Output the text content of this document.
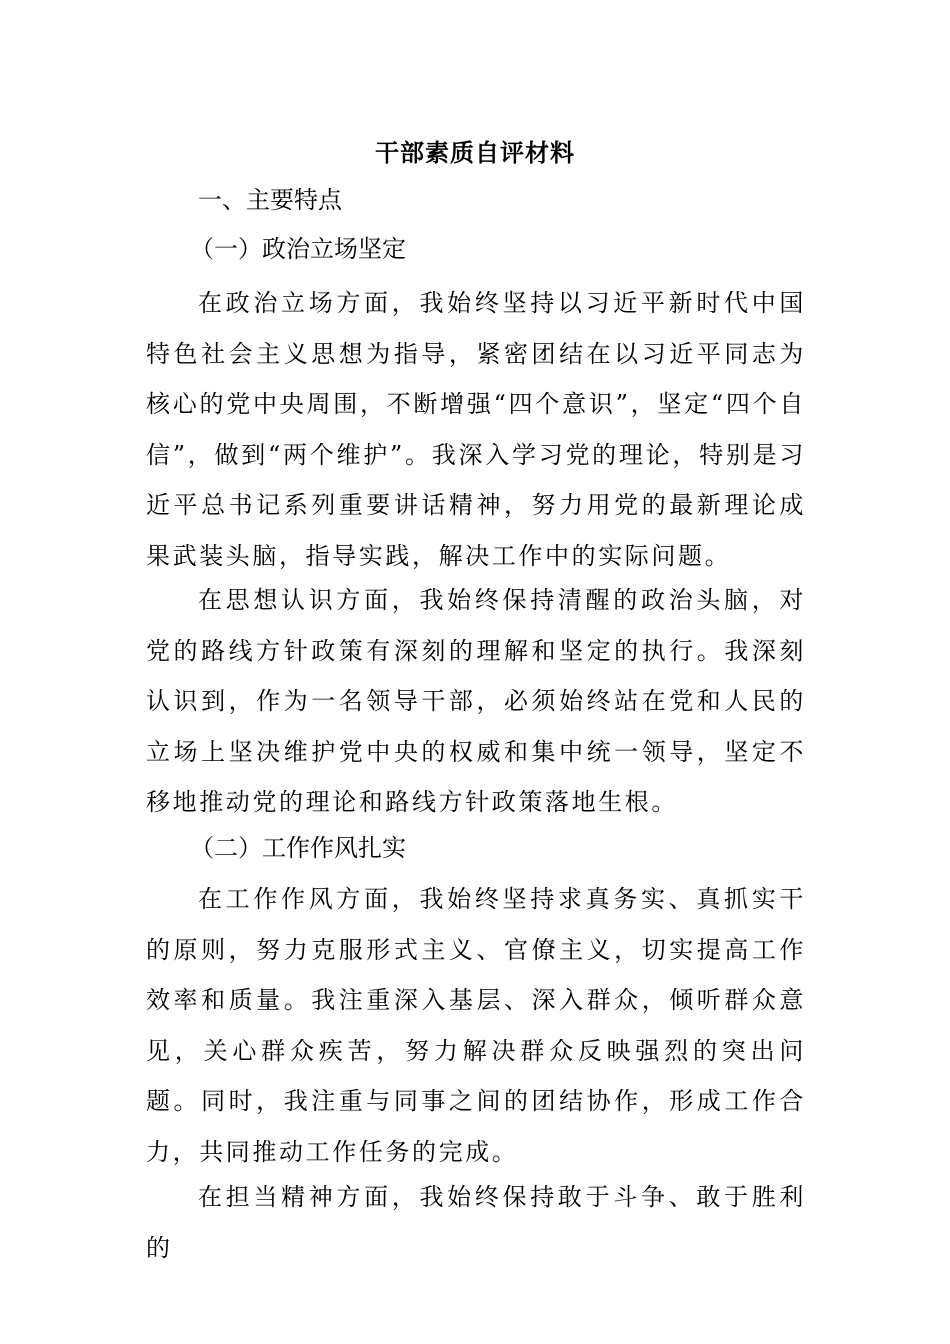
干部素质自评材料

一、主要特点

（一）政治立场坚定

在政治立场方面，我始终坚持以习近平新时代中国特色社会主义思想为指导，紧密团结在以习近平同志为核心的党中央周围，不断增强“四个意识”，坚定“四个自信”，做到“两个维护”。我深入学习党的理论，特别是习近平总书记系列重要讲话精神，努力用党的最新理论成果武装头脑，指导实践，解决工作中的实际问题。

在思想认识方面，我始终保持清醒的政治头脑，对党的路线方针政策有深刻的理解和坚定的执行。我深刻认识到，作为一名领导干部，必须始终站在党和人民的立场上坚决维护党中央的权威和集中统一领导，坚定不移地推动党的理论和路线方针政策落地生根。

（二）工作作风扎实

在工作作风方面，我始终坚持求真务实、真抓实干的原则，努力克服形式主义、官僚主义，切实提高工作效率和质量。我注重深入基层、深入群众，倾听群众意见，关心群众疾苦，努力解决群众反映强烈的突出问题。同时，我注重与同事之间的团结协作，形成工作合力，共同推动工作任务的完成。

在担当精神方面，我始终保持敢于斗争、敢于胜利的
